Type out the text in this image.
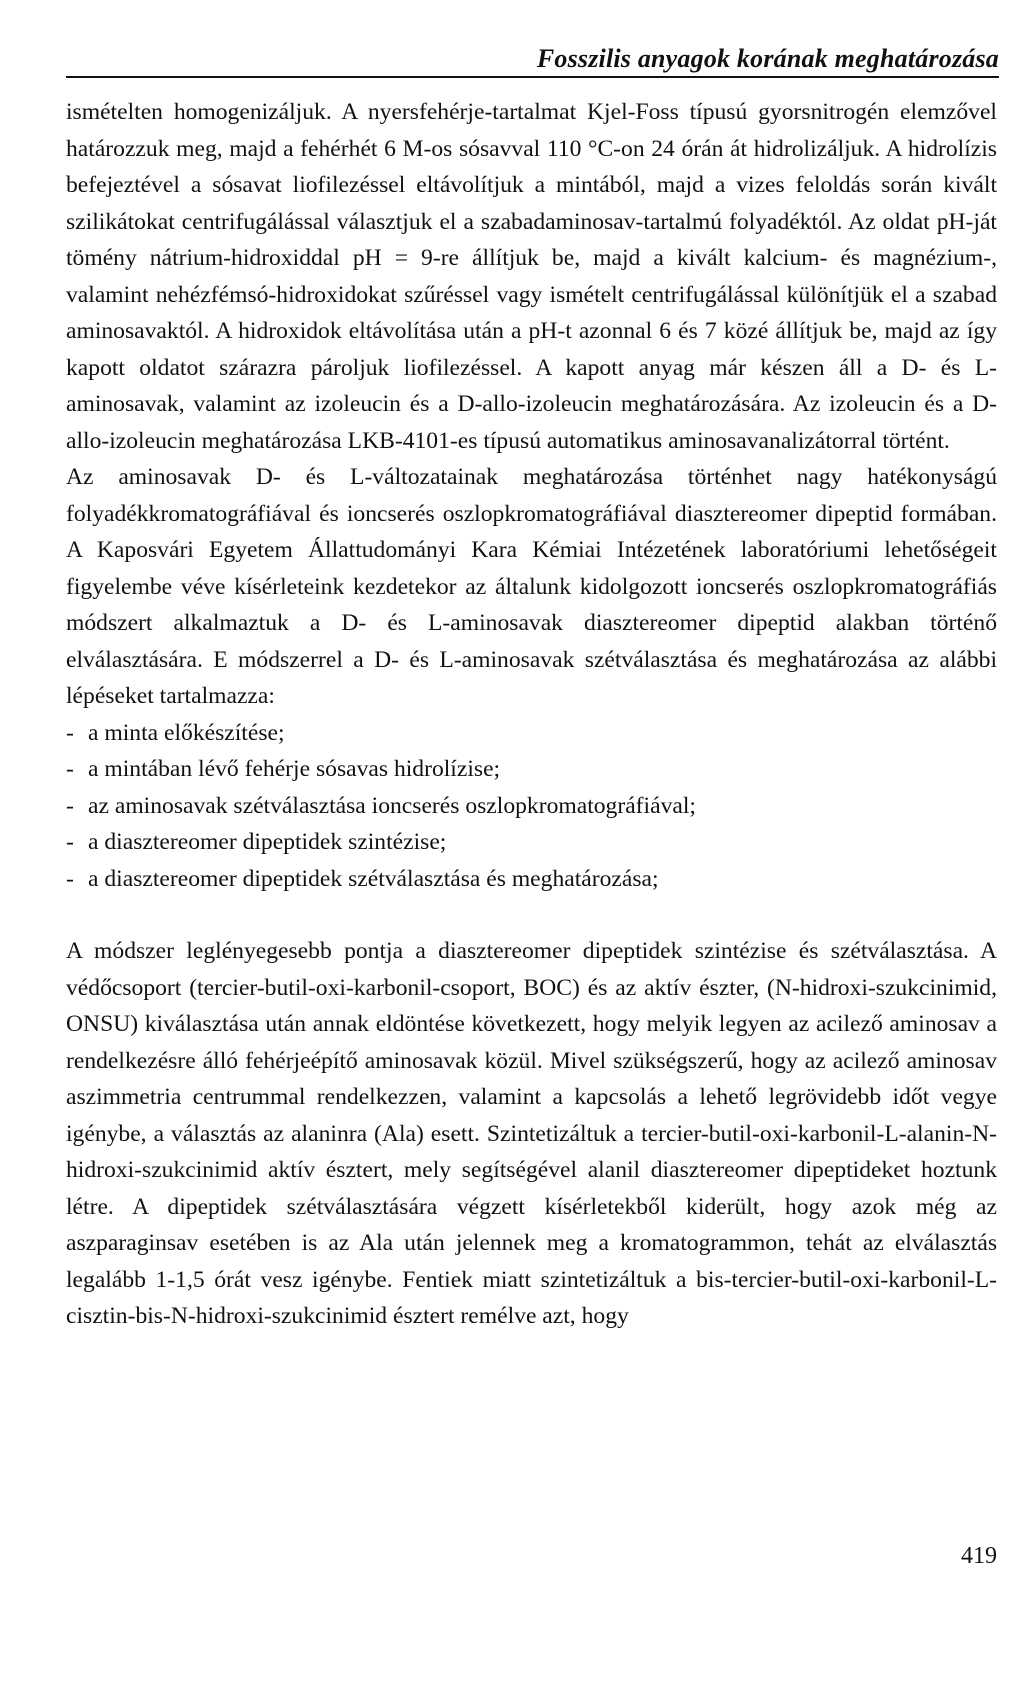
Fosszilis anyagok korának meghatározása

ismételten homogenizáljuk. A nyersfehérje-tartalmat Kjel-Foss típusú gyorsnitrogén elemzővel határozzuk meg, majd a fehérhét 6 M-os sósavval 110 °C-on 24 órán át hidrolizáljuk. A hidrolízis befejeztével a sósavat liofilezéssel eltávolítjuk a mintából, majd a vizes feloldás során kivált szilikátokat centrifugálással választjuk el a szabadaminosav-tartalmú folyadéktól. Az oldat pH-ját tömény nátrium-hidroxiddal pH = 9-re állítjuk be, majd a kivált kalcium- és magnézium-, valamint nehézfémsó-hidroxidokat szűréssel vagy ismételt centrifugálással különítjük el a szabad aminosavaktól. A hidroxidok eltávolítása után a pH-t azonnal 6 és 7 közé állítjuk be, majd az így kapott oldatot szárazra pároljuk liofilezéssel. A kapott anyag már készen áll a D- és L-aminosavak, valamint az izoleucin és a D-allo-izoleucin meghatározására. Az izoleucin és a D-allo-izoleucin meghatározása LKB-4101-es típusú automatikus aminosavanalizátorral történt.

Az aminosavak D- és L-változatainak meghatározása történhet nagy hatékonyságú folyadékkromatográfiával és ioncserés oszlopkromatográfiával diasztereomer dipeptid formában. A Kaposvári Egyetem Állattudományi Kara Kémiai Intézetének laboratóriumi lehetőségeit figyelembe véve kísérleteink kezdetekor az általunk kidolgozott ioncserés oszlopkromatográfiás módszert alkalmaztuk a D- és L-aminosavak diasztereomer dipeptid alakban történő elválasztására. E módszerrel a D- és L-aminosavak szétválasztása és meghatározása az alábbi lépéseket tartalmazza:

- a minta előkészítése;
- a mintában lévő fehérje sósavas hidrolízise;
- az aminosavak szétválasztása ioncserés oszlopkromatográfiával;
- a diasztereomer dipeptidek szintézise;
- a diasztereomer dipeptidek szétválasztása és meghatározása;

A módszer leglényegesebb pontja a diasztereomer dipeptidek szintézise és szétválasztása. A védőcsoport (tercier-butil-oxi-karbonil-csoport, BOC) és az aktív észter, (N-hidroxi-szukcinimid, ONSU) kiválasztása után annak eldöntése következett, hogy melyik legyen az acilező aminosav a rendelkezésre álló fehérjeépítő aminosavak közül. Mivel szükségszerű, hogy az acilező aminosav aszimmetria centrummal rendelkezzen, valamint a kapcsolás a lehető legrövidebb időt vegye igénybe, a választás az alaninra (Ala) esett. Szintetizáltuk a tercier-butil-oxi-karbonil-L-alanin-N-hidroxi-szukcinimid aktív észtert, mely segítségével alanil diasztereomer dipeptideket hoztunk létre. A dipeptidek szétválasztására végzett kísérletekből kiderült, hogy azok még az aszparaginsav esetében is az Ala után jelennek meg a kromatogrammon, tehát az elválasztás legalább 1-1,5 órát vesz igénybe. Fentiek miatt szintetizáltuk a bis-tercier-butil-oxi-karbonil-L-cisztin-bis-N-hidroxi-szukcinimid észtert remélve azt, hogy

419
